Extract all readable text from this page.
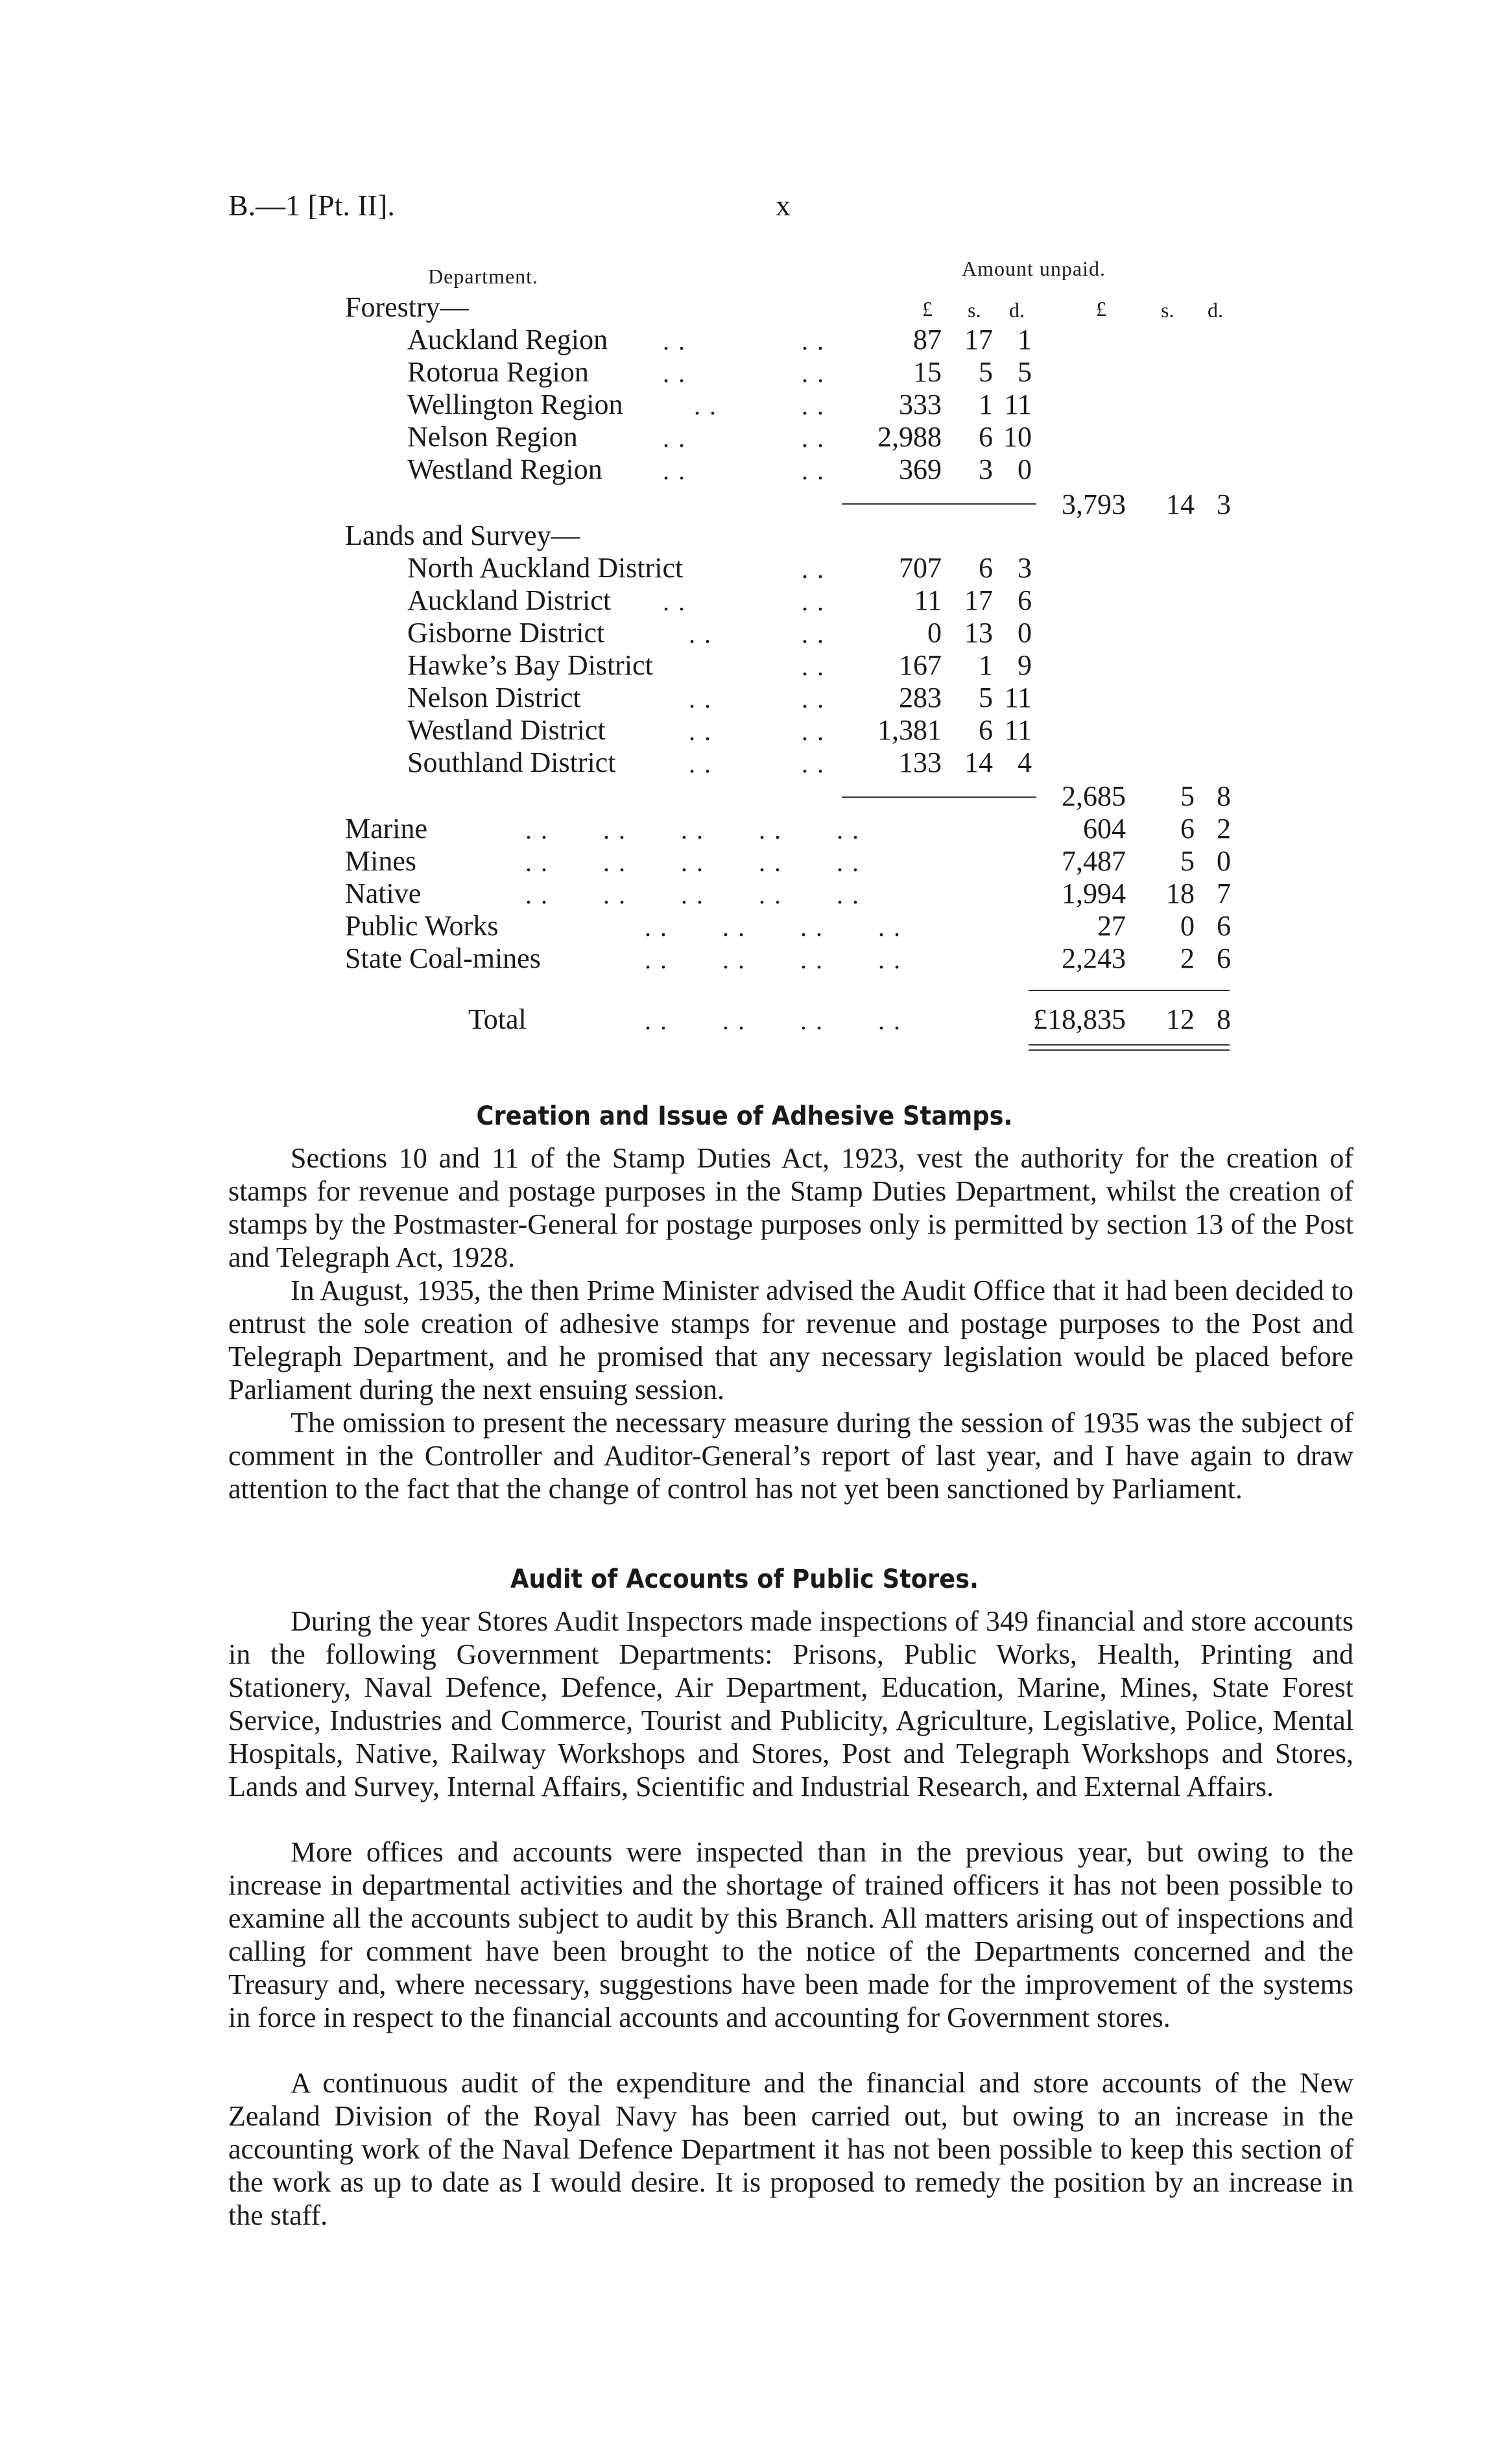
B.—1 [Pt. II].	x
Department.	Amount unpaid.
£ s. d.	£	s. d.
Forestry—
Auckland Region . .	. .	87 17 1
Rotorua Region	. .	. .	15 5 5
Wellington Region	. .	. .	333 1 11
Nelson Region	. .	. . 2,988 6 10
Westland Region . .	. .	369 3 0
3,793 14 3
Lands and Survey—
North Auckland District	. .	707 6 3
Auckland District . .	. .	11 17 6
Gisborne District	. .	. .	0 13 0
Hawke’s Bay District	. .	167 1 9
Nelson District	. .	. .	283 5 11
Westland District	. .	. . 1,381 6 11
Southland District	. .	. .	133 14 4
2,685 5 8
Marine	. .       . .       . .       . .       . .	604 6 2
Mines	. .       . .       . .       . .       . .	7,487 5 0
Native	. .       . .       . .       . .       . .	1,994 18 7
Public Works	. .       . .       . .       . .	27 0 6
State Coal-mines	. .       . .       . .       . .	2,243 2 6
Total	. .       . .       . .       . .	£18,835 12 8
Creation and Issue of Adhesive Stamps.

Sections 10 and 11 of the Stamp Duties Act, 1923, vest the authority for the creation of stamps for revenue and postage purposes in the Stamp Duties Department, whilst the creation of stamps by the Postmaster-General for postage purposes only is permitted by section 13 of the Post and Telegraph Act, 1928.

In August, 1935, the then Prime Minister advised the Audit Office that it had been decided to entrust the sole creation of adhesive stamps for revenue and postage purposes to the Post and Telegraph Department, and he promised that any necessary legislation would be placed before Parliament during the next ensuing session.

The omission to present the necessary measure during the session of 1935 was the subject of comment in the Controller and Auditor-General’s report of last year, and I have again to draw attention to the fact that the change of control has not yet been sanctioned by Parliament.

Audit of Accounts of Public Stores.

During the year Stores Audit Inspectors made inspections of 349 financial and store accounts in the following Government Departments: Prisons, Public Works, Health, Printing and Stationery, Naval Defence, Defence, Air Department, Education, Marine, Mines, State Forest Service, Industries and Commerce, Tourist and Publicity, Agriculture, Legislative, Police, Mental Hospitals, Native, Railway Workshops and Stores, Post and Telegraph Workshops and Stores, Lands and Survey, Internal Affairs, Scientific and Industrial Research, and External Affairs.

More offices and accounts were inspected than in the previous year, but owing to the increase in departmental activities and the shortage of trained officers it has not been possible to examine all the accounts subject to audit by this Branch. All matters arising out of inspections and calling for comment have been brought to the notice of the Departments concerned and the Treasury and, where necessary, suggestions have been made for the improvement of the systems in force in respect to the financial accounts and accounting for Government stores.

A continuous audit of the expenditure and the financial and store accounts of the New Zealand Division of the Royal Navy has been carried out, but owing to an increase in the accounting work of the Naval Defence Department it has not been possible to keep this section of the work as up to date as I would desire. It is proposed to remedy the position by an increase in the staff.
